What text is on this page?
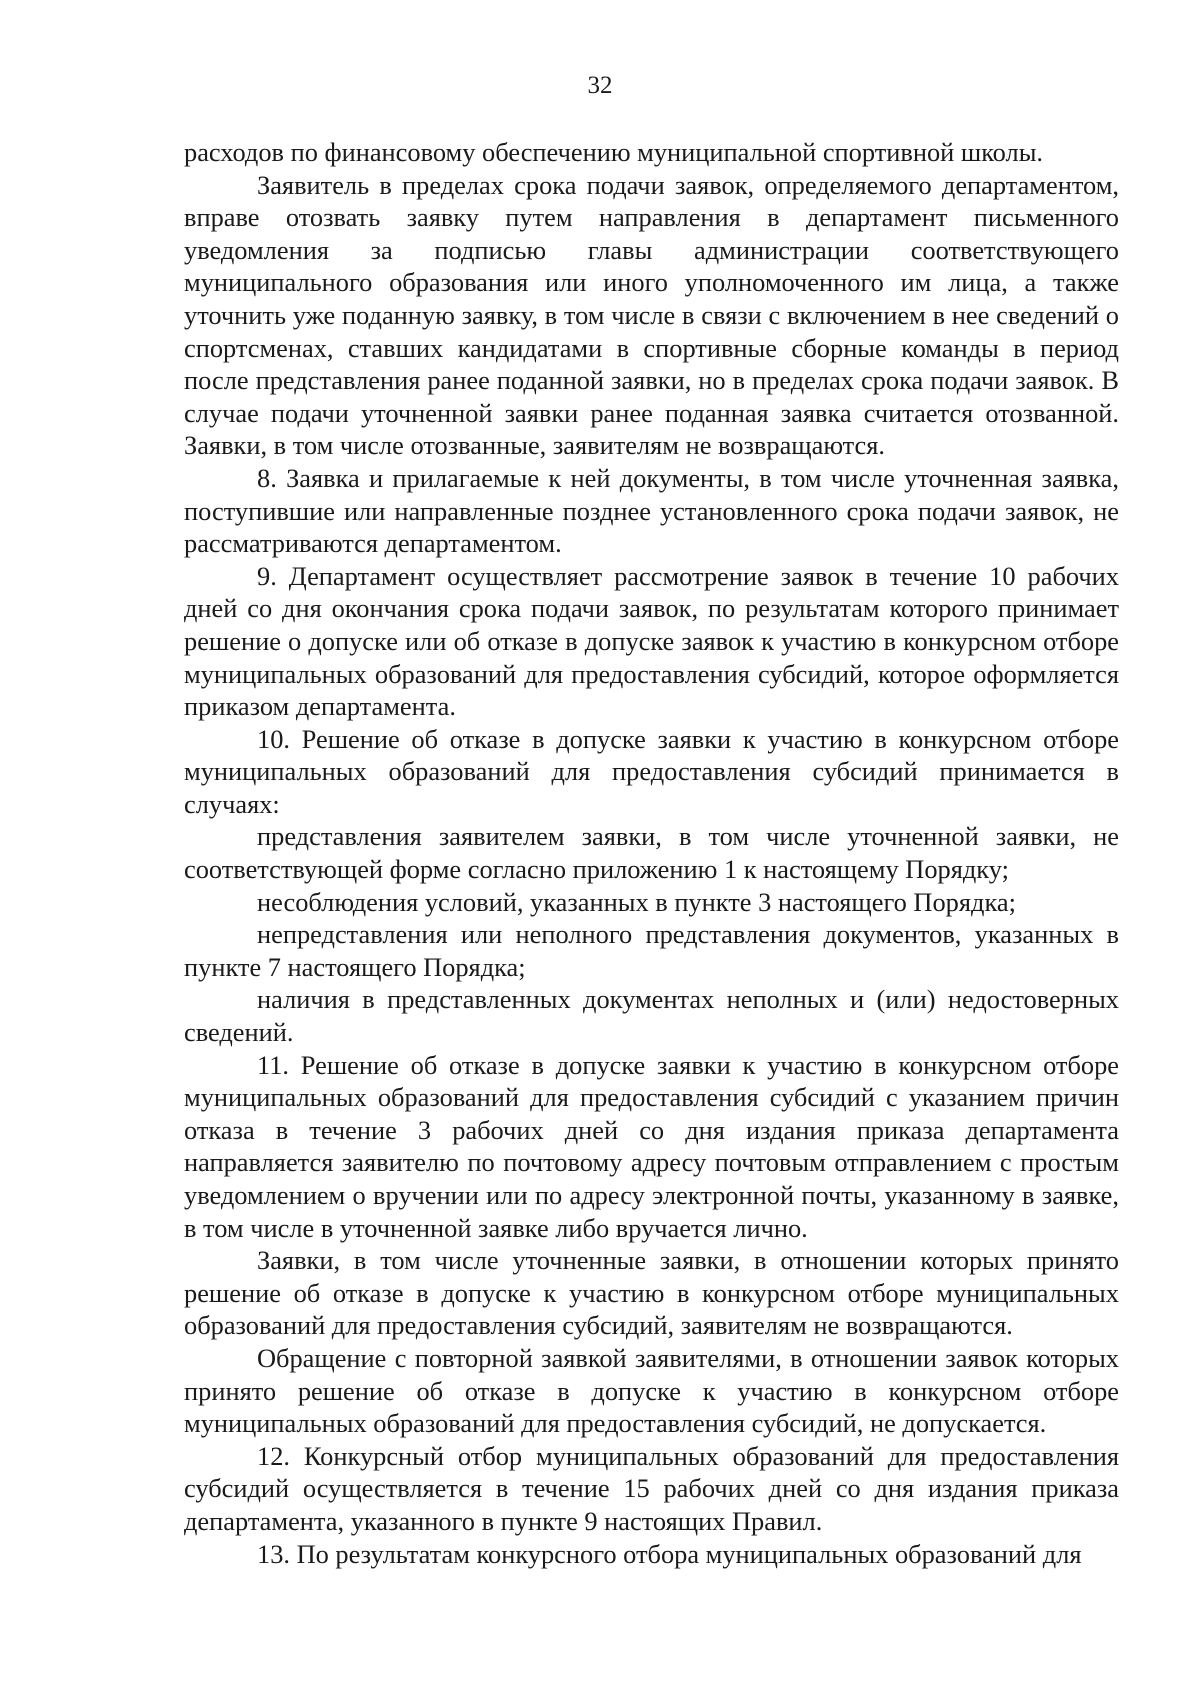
32

расходов по финансовому обеспечению муниципальной спортивной школы.

Заявитель в пределах срока подачи заявок, определяемого департаментом, вправе отозвать заявку путем направления в департамент письменного уведомления за подписью главы администрации соответствующего муниципального образования или иного уполномоченного им лица, а также уточнить уже поданную заявку, в том числе в связи с включением в нее сведений о спортсменах, ставших кандидатами в спортивные сборные команды в период после представления ранее поданной заявки, но в пределах срока подачи заявок. В случае подачи уточненной заявки ранее поданная заявка считается отозванной. Заявки, в том числе отозванные, заявителям не возвращаются.

8. Заявка и прилагаемые к ней документы, в том числе уточненная заявка, поступившие или направленные позднее установленного срока подачи заявок, не рассматриваются департаментом.

9. Департамент осуществляет рассмотрение заявок в течение 10 рабочих дней со дня окончания срока подачи заявок, по результатам которого принимает решение о допуске или об отказе в допуске заявок к участию в конкурсном отборе муниципальных образований для предоставления субсидий, которое оформляется приказом департамента.

10. Решение об отказе в допуске заявки к участию в конкурсном отборе муниципальных образований для предоставления субсидий принимается в случаях:

представления заявителем заявки, в том числе уточненной заявки, не соответствующей форме согласно приложению 1 к настоящему Порядку;

несоблюдения условий, указанных в пункте 3 настоящего Порядка;

непредставления или неполного представления документов, указанных в пункте 7 настоящего Порядка;

наличия в представленных документах неполных и (или) недостоверных сведений.

11. Решение об отказе в допуске заявки к участию в конкурсном отборе муниципальных образований для предоставления субсидий с указанием причин отказа в течение 3 рабочих дней со дня издания приказа департамента направляется заявителю по почтовому адресу почтовым отправлением с простым уведомлением о вручении или по адресу электронной почты, указанному в заявке, в том числе в уточненной заявке либо вручается лично.

Заявки, в том числе уточненные заявки, в отношении которых принято решение об отказе в допуске к участию в конкурсном отборе муниципальных образований для предоставления субсидий, заявителям не возвращаются.

Обращение с повторной заявкой заявителями, в отношении заявок которых принято решение об отказе в допуске к участию в конкурсном отборе муниципальных образований для предоставления субсидий, не допускается.

12. Конкурсный отбор муниципальных образований для предоставления субсидий осуществляется в течение 15 рабочих дней со дня издания приказа департамента, указанного в пункте 9 настоящих Правил.

13. По результатам конкурсного отбора муниципальных образований для
